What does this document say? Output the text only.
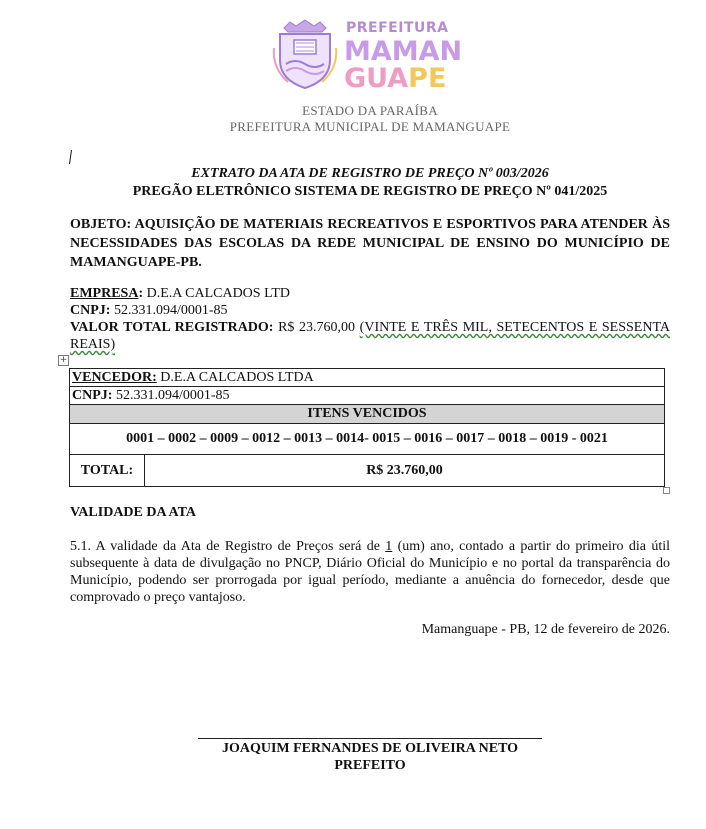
PREFEITURA
MAMAN
GUAPE
ESTADO DA PARAÍBA
PREFEITURA MUNICIPAL DE MAMANGUAPE
EXTRATO DA ATA DE REGISTRO DE PREÇO Nº 003/2026
PREGÃO ELETRÔNICO SISTEMA DE REGISTRO DE PREÇO Nº 041/2025
OBJETO: AQUISIÇÃO DE MATERIAIS RECREATIVOS E ESPORTIVOS PARA ATENDER ÀS NECESSIDADES DAS ESCOLAS DA REDE MUNICIPAL DE ENSINO DO MUNICÍPIO DE MAMANGUAPE-PB.
EMPRESA: D.E.A CALCADOS LTD
CNPJ: 52.331.094/0001-85
VALOR TOTAL REGISTRADO: R$ 23.760,00 (VINTE E TRÊS MIL, SETECENTOS E SESSENTA REAIS)
+
VENCEDOR: D.E.A CALCADOS LTDA
CNPJ: 52.331.094/0001-85
ITENS VENCIDOS
0001 – 0002 – 0009 – 0012 – 0013 – 0014- 0015 – 0016 – 0017 – 0018 – 0019 - 0021
TOTAL:	R$ 23.760,00
VALIDADE DA ATA
5.1. A validade da Ata de Registro de Preços será de 1 (um) ano, contado a partir do primeiro dia útil subsequente à data de divulgação no PNCP, Diário Oficial do Município e no portal da transparência do Município, podendo ser prorrogada por igual período, mediante a anuência do fornecedor, desde que comprovado o preço vantajoso.
Mamanguape - PB, 12 de fevereiro de 2026.
JOAQUIM FERNANDES DE OLIVEIRA NETO
PREFEITO
